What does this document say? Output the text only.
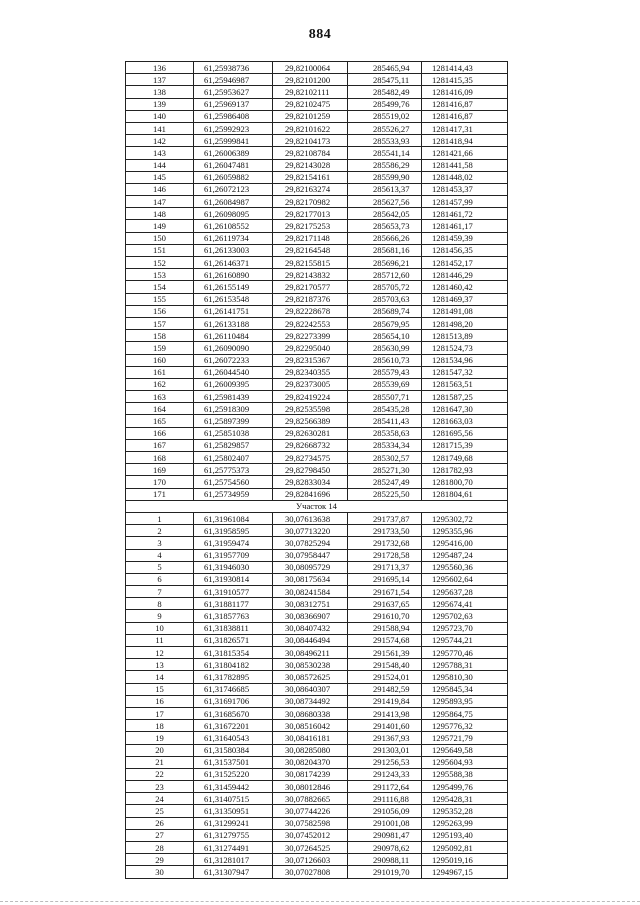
884
136	61,25938736	29,82100064	285465,94	1281414,43
137	61,25946987	29,82101200	285475,11	1281415,35
138	61,25953627	29,82102111	285482,49	1281416,09
139	61,25969137	29,82102475	285499,76	1281416,87
140	61,25986408	29,82101259	285519,02	1281416,87
141	61,25992923	29,82101622	285526,27	1281417,31
142	61,25999841	29,82104173	285533,93	1281418,94
143	61,26006389	29,82108784	285541,14	1281421,66
144	61,26047481	29,82143028	285586,29	1281441,58
145	61,26059882	29,82154161	285599,90	1281448,02
146	61,26072123	29,82163274	285613,37	1281453,37
147	61,26084987	29,82170982	285627,56	1281457,99
148	61,26098095	29,82177013	285642,05	1281461,72
149	61,26108552	29,82175253	285653,73	1281461,17
150	61,26119734	29,82171148	285666,26	1281459,39
151	61,26133003	29,82164548	285681,16	1281456,35
152	61,26146371	29,82155815	285696,21	1281452,17
153	61,26160890	29,82143832	285712,60	1281446,29
154	61,26155149	29,82170577	285705,72	1281460,42
155	61,26153548	29,82187376	285703,63	1281469,37
156	61,26141751	29,82228678	285689,74	1281491,08
157	61,26133188	29,82242553	285679,95	1281498,20
158	61,26110484	29,82273399	285654,10	1281513,89
159	61,26090090	29,82295040	285630,99	1281524,73
160	61,26072233	29,82315367	285610,73	1281534,96
161	61,26044540	29,82340355	285579,43	1281547,32
162	61,26009395	29,82373005	285539,69	1281563,51
163	61,25981439	29,82419224	285507,71	1281587,25
164	61,25918309	29,82535598	285435,28	1281647,30
165	61,25897399	29,82566389	285411,43	1281663,03
166	61,25851038	29,82630281	285358,63	1281695,56
167	61,25829857	29,82668732	285334,34	1281715,39
168	61,25802407	29,82734575	285302,57	1281749,68
169	61,25775373	29,82798450	285271,30	1281782,93
170	61,25754560	29,82833034	285247,49	1281800,70
171	61,25734959	29,82841696	285225,50	1281804,61
Участок 14				
1	61,31961084	30,07613638	291737,87	1295302,72
2	61,31958595	30,07713220	291733,50	1295355,96
3	61,31959474	30,07825294	291732,68	1295416,00
4	61,31957709	30,07958447	291728,58	1295487,24
5	61,31946030	30,08095729	291713,37	1295560,36
6	61,31930814	30,08175634	291695,14	1295602,64
7	61,31910577	30,08241584	291671,54	1295637,28
8	61,31881177	30,08312751	291637,65	1295674,41
9	61,31857763	30,08366907	291610,70	1295702,63
10	61,31838811	30,08407432	291588,94	1295723,70
11	61,31826571	30,08446494	291574,68	1295744,21
12	61,31815354	30,08496211	291561,39	1295770,46
13	61,31804182	30,08530238	291548,40	1295788,31
14	61,31782895	30,08572625	291524,01	1295810,30
15	61,31746685	30,08640307	291482,59	1295845,34
16	61,31691706	30,08734492	291419,84	1295893,95
17	61,31685670	30,08680338	291413,98	1295864,75
18	61,31672201	30,08516042	291401,60	1295776,32
19	61,31640543	30,08416181	291367,93	1295721,79
20	61,31580384	30,08285080	291303,01	1295649,58
21	61,31537501	30,08204370	291256,53	1295604,93
22	61,31525220	30,08174239	291243,33	1295588,38
23	61,31459442	30,08012846	291172,64	1295499,76
24	61,31407515	30,07882665	291116,88	1295428,31
25	61,31350951	30,07744226	291056,09	1295352,28
26	61,31299241	30,07582598	291001,08	1295263,99
27	61,31279755	30,07452012	290981,47	1295193,40
28	61,31274491	30,07264525	290978,62	1295092,81
29	61,31281017	30,07126603	290988,11	1295019,16
30	61,31307947	30,07027808	291019,70	1294967,15
